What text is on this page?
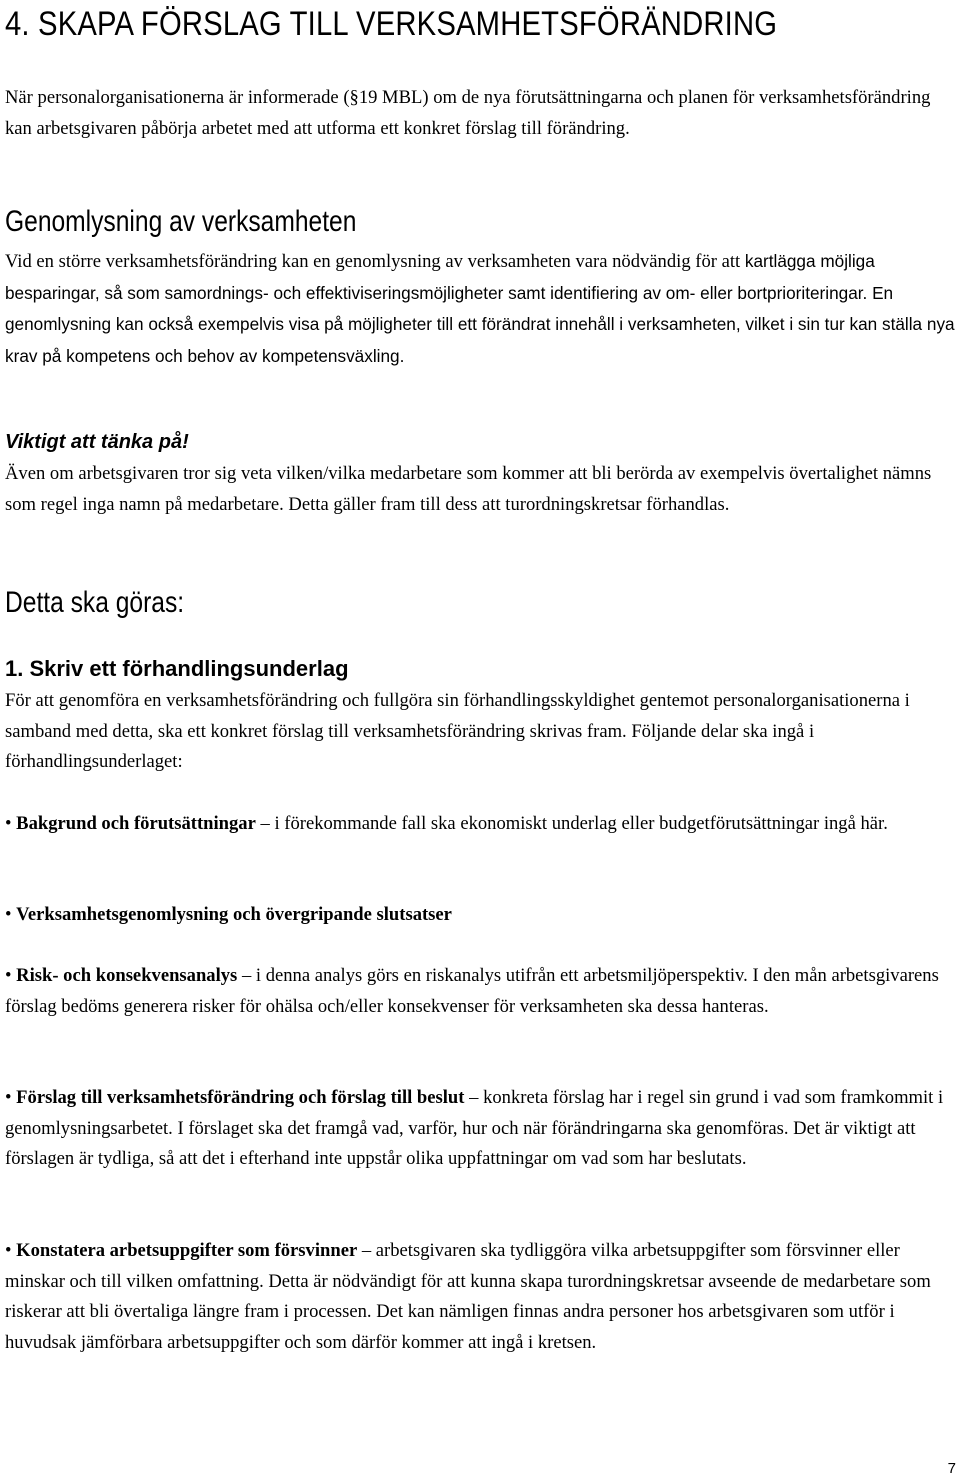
4. SKAPA FÖRSLAG TILL VERKSAMHETSFÖRÄNDRING

När personalorganisationerna är informerade (§19 MBL) om de nya förutsättningarna och planen för verksamhetsförändring kan arbetsgivaren påbörja arbetet med att utforma ett konkret förslag till förändring.

Genomlysning av verksamheten

Vid en större verksamhetsförändring kan en genomlysning av verksamheten vara nödvändig för att kartlägga möjliga besparingar, så som samordnings- och effektiviseringsmöjligheter samt identifiering av om- eller bortprioriteringar. En genomlysning kan också exempelvis visa på möjligheter till ett förändrat innehåll i verksamheten, vilket i sin tur kan ställa nya krav på kompetens och behov av kompetensväxling.

Viktigt att tänka på!

Även om arbetsgivaren tror sig veta vilken/vilka medarbetare som kommer att bli berörda av exempelvis övertalighet nämns som regel inga namn på medarbetare. Detta gäller fram till dess att turordningskretsar förhandlas.

Detta ska göras:
1. Skriv ett förhandlingsunderlag

För att genomföra en verksamhetsförändring och fullgöra sin förhandlingsskyldighet gentemot personalorganisationerna i samband med detta, ska ett konkret förslag till verksamhetsförändring skrivas fram. Följande delar ska ingå i förhandlingsunderlaget:

• Bakgrund och förutsättningar – i förekommande fall ska ekonomiskt underlag eller budgetförutsättningar ingå här.

• Verksamhetsgenomlysning och övergripande slutsatser

• Risk- och konsekvensanalys – i denna analys görs en riskanalys utifrån ett arbetsmiljöperspektiv. I den mån arbetsgivarens förslag bedöms generera risker för ohälsa och/eller konsekvenser för verksamheten ska dessa hanteras.

• Förslag till verksamhetsförändring och förslag till beslut – konkreta förslag har i regel sin grund i vad som framkommit i genomlysningsarbetet. I förslaget ska det framgå vad, varför, hur och när förändringarna ska genomföras. Det är viktigt att förslagen är tydliga, så att det i efterhand inte uppstår olika uppfattningar om vad som har beslutats.

• Konstatera arbetsuppgifter som försvinner – arbetsgivaren ska tydliggöra vilka arbetsuppgifter som försvinner eller minskar och till vilken omfattning. Detta är nödvändigt för att kunna skapa turordningskretsar avseende de medarbetare som riskerar att bli övertaliga längre fram i processen. Det kan nämligen finnas andra personer hos arbetsgivaren som utför i huvudsak jämförbara arbetsuppgifter och som därför kommer att ingå i kretsen.

7
